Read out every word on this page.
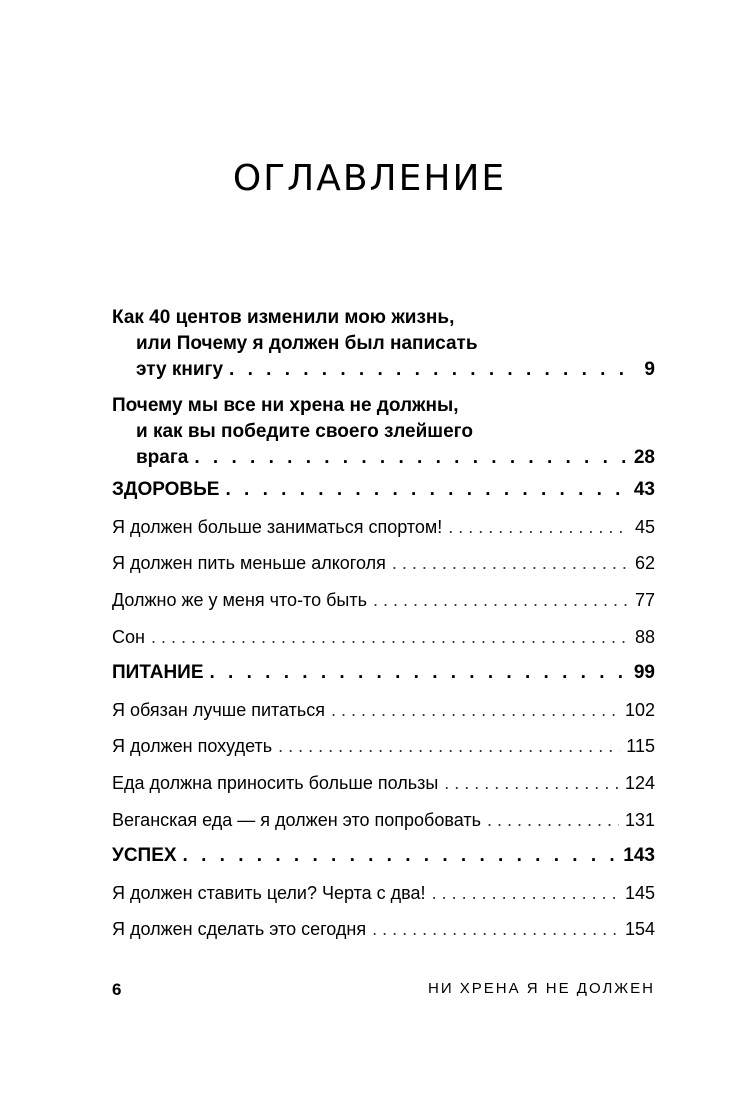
ОГЛАВЛЕНИЕ
Как 40 центов изменили мою жизнь,
или Почему я должен был написать
эту книгу . . .	9
Почему мы все ни хрена не должны,
и как вы победите своего злейшего
врага . . .	28
ЗДОРОВЬЕ . . .	43
Я должен больше заниматься спортом! . . .	45
Я должен пить меньше алкоголя . . .	62
Должно же у меня что-то быть . . .	77
Сон . . .	88
ПИТАНИЕ . . .	99
Я обязан лучше питаться . . .	102
Я должен похудеть . . .	115
Еда должна приносить больше пользы . . .	124
Веганская еда — я должен это попробовать . . .	131
УСПЕХ . . .	143
Я должен ставить цели? Черта с два! . . .	145
Я должен сделать это сегодня . . .	154
6	НИ ХРЕНА Я НЕ ДОЛЖЕН
